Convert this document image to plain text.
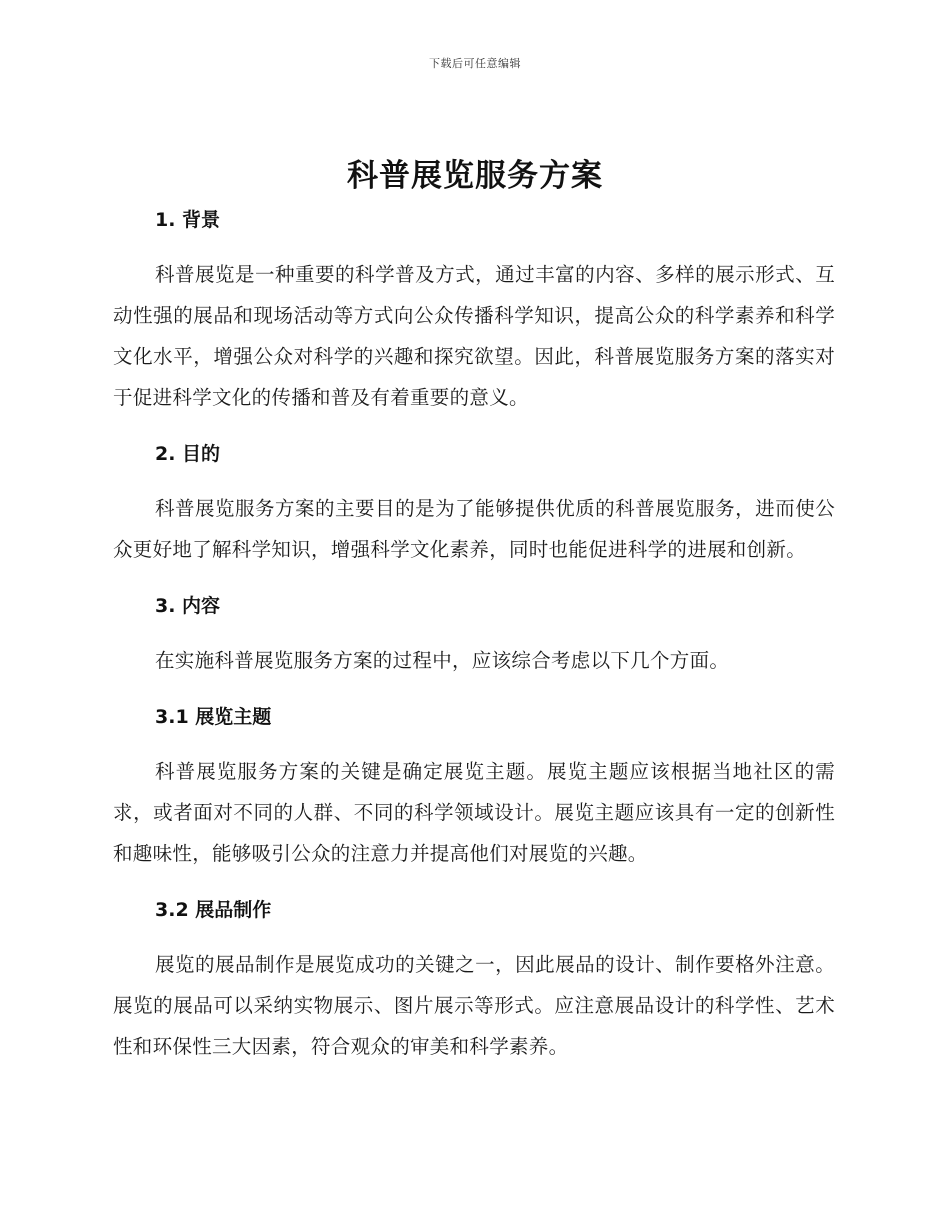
下载后可任意编辑
科普展览服务方案
1. 背景

科普展览是一种重要的科学普及方式，通过丰富的内容、多样的展示形式、互动性强的展品和现场活动等方式向公众传播科学知识，提高公众的科学素养和科学文化水平，增强公众对科学的兴趣和探究欲望。因此，科普展览服务方案的落实对于促进科学文化的传播和普及有着重要的意义。

2. 目的

科普展览服务方案的主要目的是为了能够提供优质的科普展览服务，进而使公众更好地了解科学知识，增强科学文化素养，同时也能促进科学的进展和创新。

3. 内容

在实施科普展览服务方案的过程中，应该综合考虑以下几个方面。

3.1 展览主题

科普展览服务方案的关键是确定展览主题。展览主题应该根据当地社区的需求，或者面对不同的人群、不同的科学领域设计。展览主题应该具有一定的创新性和趣味性，能够吸引公众的注意力并提高他们对展览的兴趣。

3.2 展品制作

展览的展品制作是展览成功的关键之一，因此展品的设计、制作要格外注意。展览的展品可以采纳实物展示、图片展示等形式。应注意展品设计的科学性、艺术性和环保性三大因素，符合观众的审美和科学素养。
